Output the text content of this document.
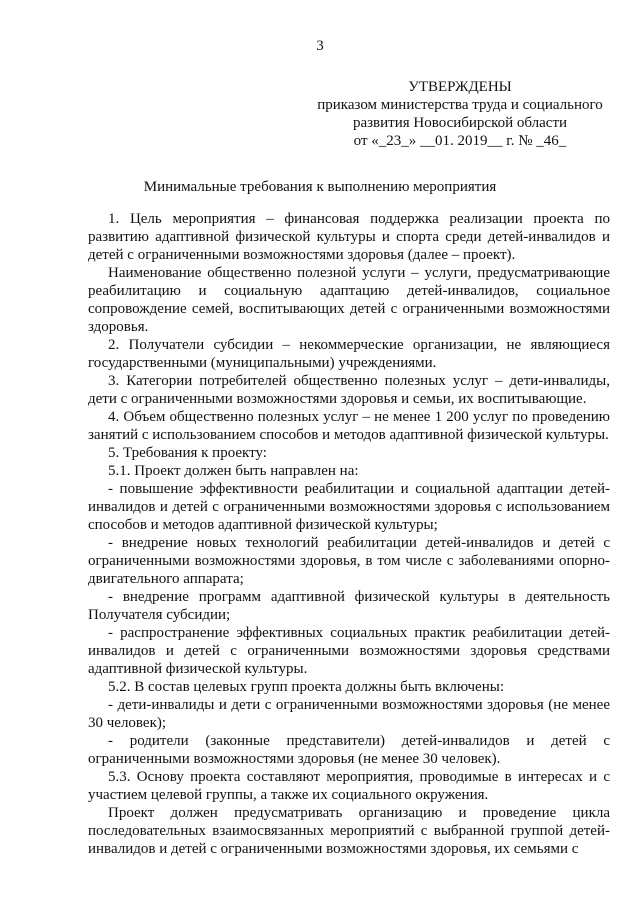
3
УТВЕРЖДЕНЫ
приказом министерства труда и социального
развития Новосибирской области
от «_23_» __01. 2019__ г. № _46_
Минимальные требования к выполнению мероприятия

1. Цель мероприятия – финансовая поддержка реализации проекта по развитию адаптивной физической культуры и спорта среди детей-инвалидов и детей с ограниченными возможностями здоровья (далее – проект).

Наименование общественно полезной услуги – услуги, предусматривающие реабилитацию и социальную адаптацию детей-инвалидов, социальное сопровождение семей, воспитывающих детей с ограниченными возможностями здоровья.

2. Получатели субсидии – некоммерческие организации, не являющиеся государственными (муниципальными) учреждениями.

3. Категории потребителей общественно полезных услуг – дети-инвалиды, дети с ограниченными возможностями здоровья и семьи, их воспитывающие.

4. Объем общественно полезных услуг – не менее 1 200 услуг по проведению занятий с использованием способов и методов адаптивной физической культуры.

5. Требования к проекту:

5.1. Проект должен быть направлен на:

- повышение эффективности реабилитации и социальной адаптации детей-инвалидов и детей с ограниченными возможностями здоровья с использованием способов и методов адаптивной физической культуры;

- внедрение новых технологий реабилитации детей-инвалидов и детей с ограниченными возможностями здоровья, в том числе с заболеваниями опорно-двигательного аппарата;

- внедрение программ адаптивной физической культуры в деятельность Получателя субсидии;

- распространение эффективных социальных практик реабилитации детей-инвалидов и детей с ограниченными возможностями здоровья средствами адаптивной физической культуры.

5.2. В состав целевых групп проекта должны быть включены:

- дети-инвалиды и дети с ограниченными возможностями здоровья (не менее 30 человек);

- родители (законные представители) детей-инвалидов и детей с ограниченными возможностями здоровья (не менее 30 человек).

5.3. Основу проекта составляют мероприятия, проводимые в интересах и с участием целевой группы, а также их социального окружения.

Проект должен предусматривать организацию и проведение цикла последовательных взаимосвязанных мероприятий с выбранной группой детей-инвалидов и детей с ограниченными возможностями здоровья, их семьями с
